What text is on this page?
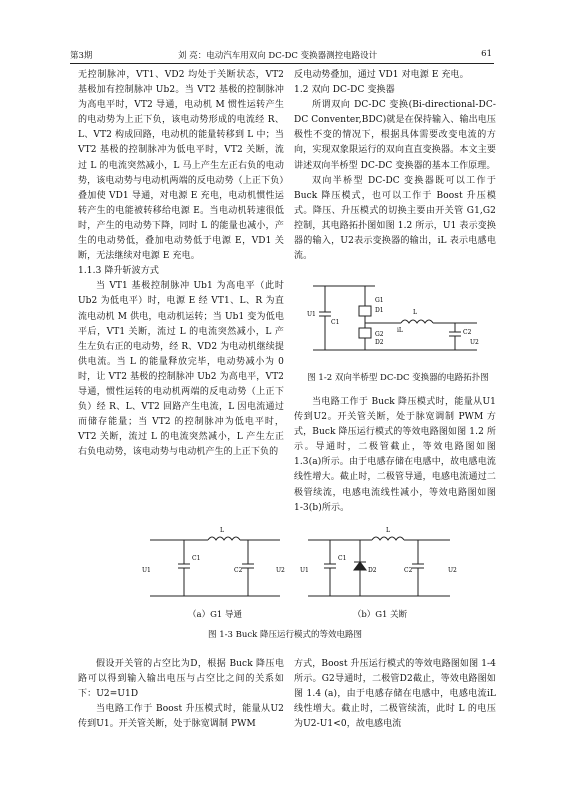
第3期	刘 亮：电动汽车用双向 DC-DC 变换器测控电路设计	61

无控制脉冲，VT1、VD2 均处于关断状态，VT2 基极加有控制脉冲 Ub2。当 VT2 基极的控制脉冲为高电平时，VT2 导通，电动机 M 惯性运转产生的电动势为上正下负，该电动势形成的电流经 R、L、VT2 构成回路，电动机的能量转移到 L 中；当 VT2 基极的控制脉冲为低电平时，VT2 关断，流过 L 的电流突然减小，L 马上产生左正右负的电动势，该电动势与电动机两端的反电动势（上正下负）叠加使 VD1 导通，对电源 E 充电，电动机惯性运转产生的电能被转移给电源 E。当电动机转速很低时，产生的电动势下降，同时 L 的能量也减小，产生的电动势低，叠加电动势低于电源 E，VD1 关断，无法继续对电源 E 充电。

1.1.3 降升斩波方式

当 VT1 基极控制脉冲 Ub1 为高电平（此时 Ub2 为低电平）时，电源 E 经 VT1、L、R 为直流电动机 M 供电，电动机运转；当 Ub1 变为低电平后，VT1 关断，流过 L 的电流突然减小，L 产生左负右正的电动势，经 R、VD2 为电动机继续提供电流。当 L 的能量释放完毕，电动势减小为 0 时，让 VT2 基极的控制脉冲 Ub2 为高电平，VT2 导通，惯性运转的电动机两端的反电动势（上正下负）经 R、L、VT2 回路产生电流，L 因电流通过而储存能量；当 VT2 的控制脉冲为低电平时，VT2 关断，流过 L 的电流突然减小，L 产生左正右负电动势，该电动势与电动机产生的上正下负的

反电动势叠加，通过 VD1 对电源 E 充电。

1.2 双向 DC-DC 变换器

所谓双向 DC-DC 变换(Bi-directional-DC-DC Conventer,BDC)就是在保持输入、输出电压极性不变的情况下，根据具体需要改变电流的方向，实现双象限运行的双向直直变换器。本文主要讲述双向半桥型 DC-DC 变换器的基本工作原理。

双向半桥型 DC-DC 变换器既可以工作于 Buck 降压模式，也可以工作于 Boost 升压模式。降压、升压模式的切换主要由开关管 G1,G2控制，其电路拓扑图如图 1.2 所示，U1 表示变换器的输入，U2表示变换器的输出，iL 表示电感电流。

U1
C1
G1
G2
D1
D2
L
iL	C2
U2
图 1-2 双向半桥型 DC-DC 变换器的电路拓扑图

当电路工作于 Buck 降压模式时，能量从U1传到U2。开关管关断，处于脉宽调制 PWM 方式，Buck 降压运行模式的等效电路图如图 1.2 所示。导通时，二极管截止，等效电路图如图 1.3(a)所示。由于电感存储在电感中，故电感电流线性增大。截止时，二极管导通，电感电流通过二极管续流，电感电流线性减小，等效电路图如图 1-3(b)所示。

U1
C1
L
C2	U2	U1
C1
D2
L
C2	U2
（a）G1 导通	（b）G1 关断
图 1-3 Buck 降压运行模式的等效电路图

假设开关管的占空比为D，根据 Buck 降压电路可以得到输入输出电压与占空比之间的关系如下：U2=U1D

当电路工作于 Boost 升压模式时，能量从U2传到U1。开关管关断，处于脉宽调制 PWM

方式，Boost 升压运行模式的等效电路图如图 1-4 所示。G2导通时，二极管D2截止，等效电路图如图 1.4 (a)，由于电感存储在电感中，电感电流iL线性增大。截止时，二极管续流，此时 L 的电压为U2-U1<0，故电感电流
